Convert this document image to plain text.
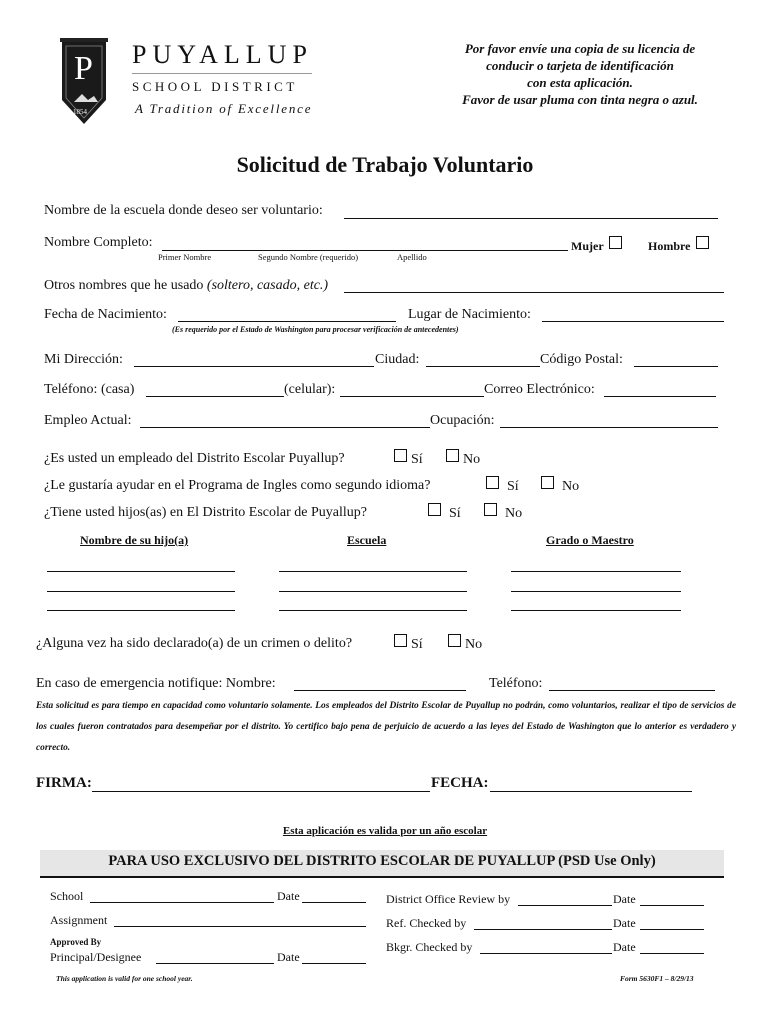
P
1854
PUYALLUP
SCHOOL DISTRICT
A Tradition of Excellence
Por favor envíe una copia de su licencia de
conducir o tarjeta de identificación
con esta aplicación.
Favor de usar pluma con tinta negra o azul.
Solicitud de Trabajo Voluntario
Nombre de la escuela donde deseo ser voluntario:
Nombre Completo:	Mujer	Hombre
Primer Nombre	Segundo Nombre (requerido)	Apellido
Otros nombres que he usado (soltero, casado, etc.)
Fecha de Nacimiento:	Lugar de Nacimiento:
(Es requerido por el Estado de Washington para procesar verificación de antecedentes)
Mi Dirección:	Ciudad:	Código Postal:
Teléfono: (casa)	(celular):	Correo Electrónico:
Empleo Actual:	Ocupación:
¿Es usted un empleado del Distrito Escolar Puyallup?	Sí	No
¿Le gustaría ayudar en el Programa de Ingles como segundo idioma?	Sí	No
¿Tiene usted hijos(as) en El Distrito Escolar de Puyallup?	Sí	No
Nombre de su hijo(a)	Escuela	Grado o Maestro
¿Alguna vez ha sido declarado(a) de un crimen o delito?	Sí	No
En caso de emergencia notifique: Nombre:	Teléfono:
Esta solicitud es para tiempo en capacidad como voluntario solamente. Los empleados del Distrito Escolar de Puyallup no podrán, como voluntarios, realizar el tipo de servicios de los cuales fueron contratados para desempeñar por el distrito. Yo certifico bajo pena de perjuicio de acuerdo a las leyes del Estado de Washington que lo anterior es verdadero y correcto.
FIRMA:	FECHA:
Esta aplicación es valida por un año escolar
PARA USO EXCLUSIVO DEL DISTRITO ESCOLAR DE PUYALLUP (PSD Use Only)
School	Date
Assignment
Approved By
Principal/Designee	Date
District Office Review by	Date
Ref. Checked by	Date
Bkgr. Checked by	Date
This application is valid for one school year.	Form 5630F1 – 8/29/13
